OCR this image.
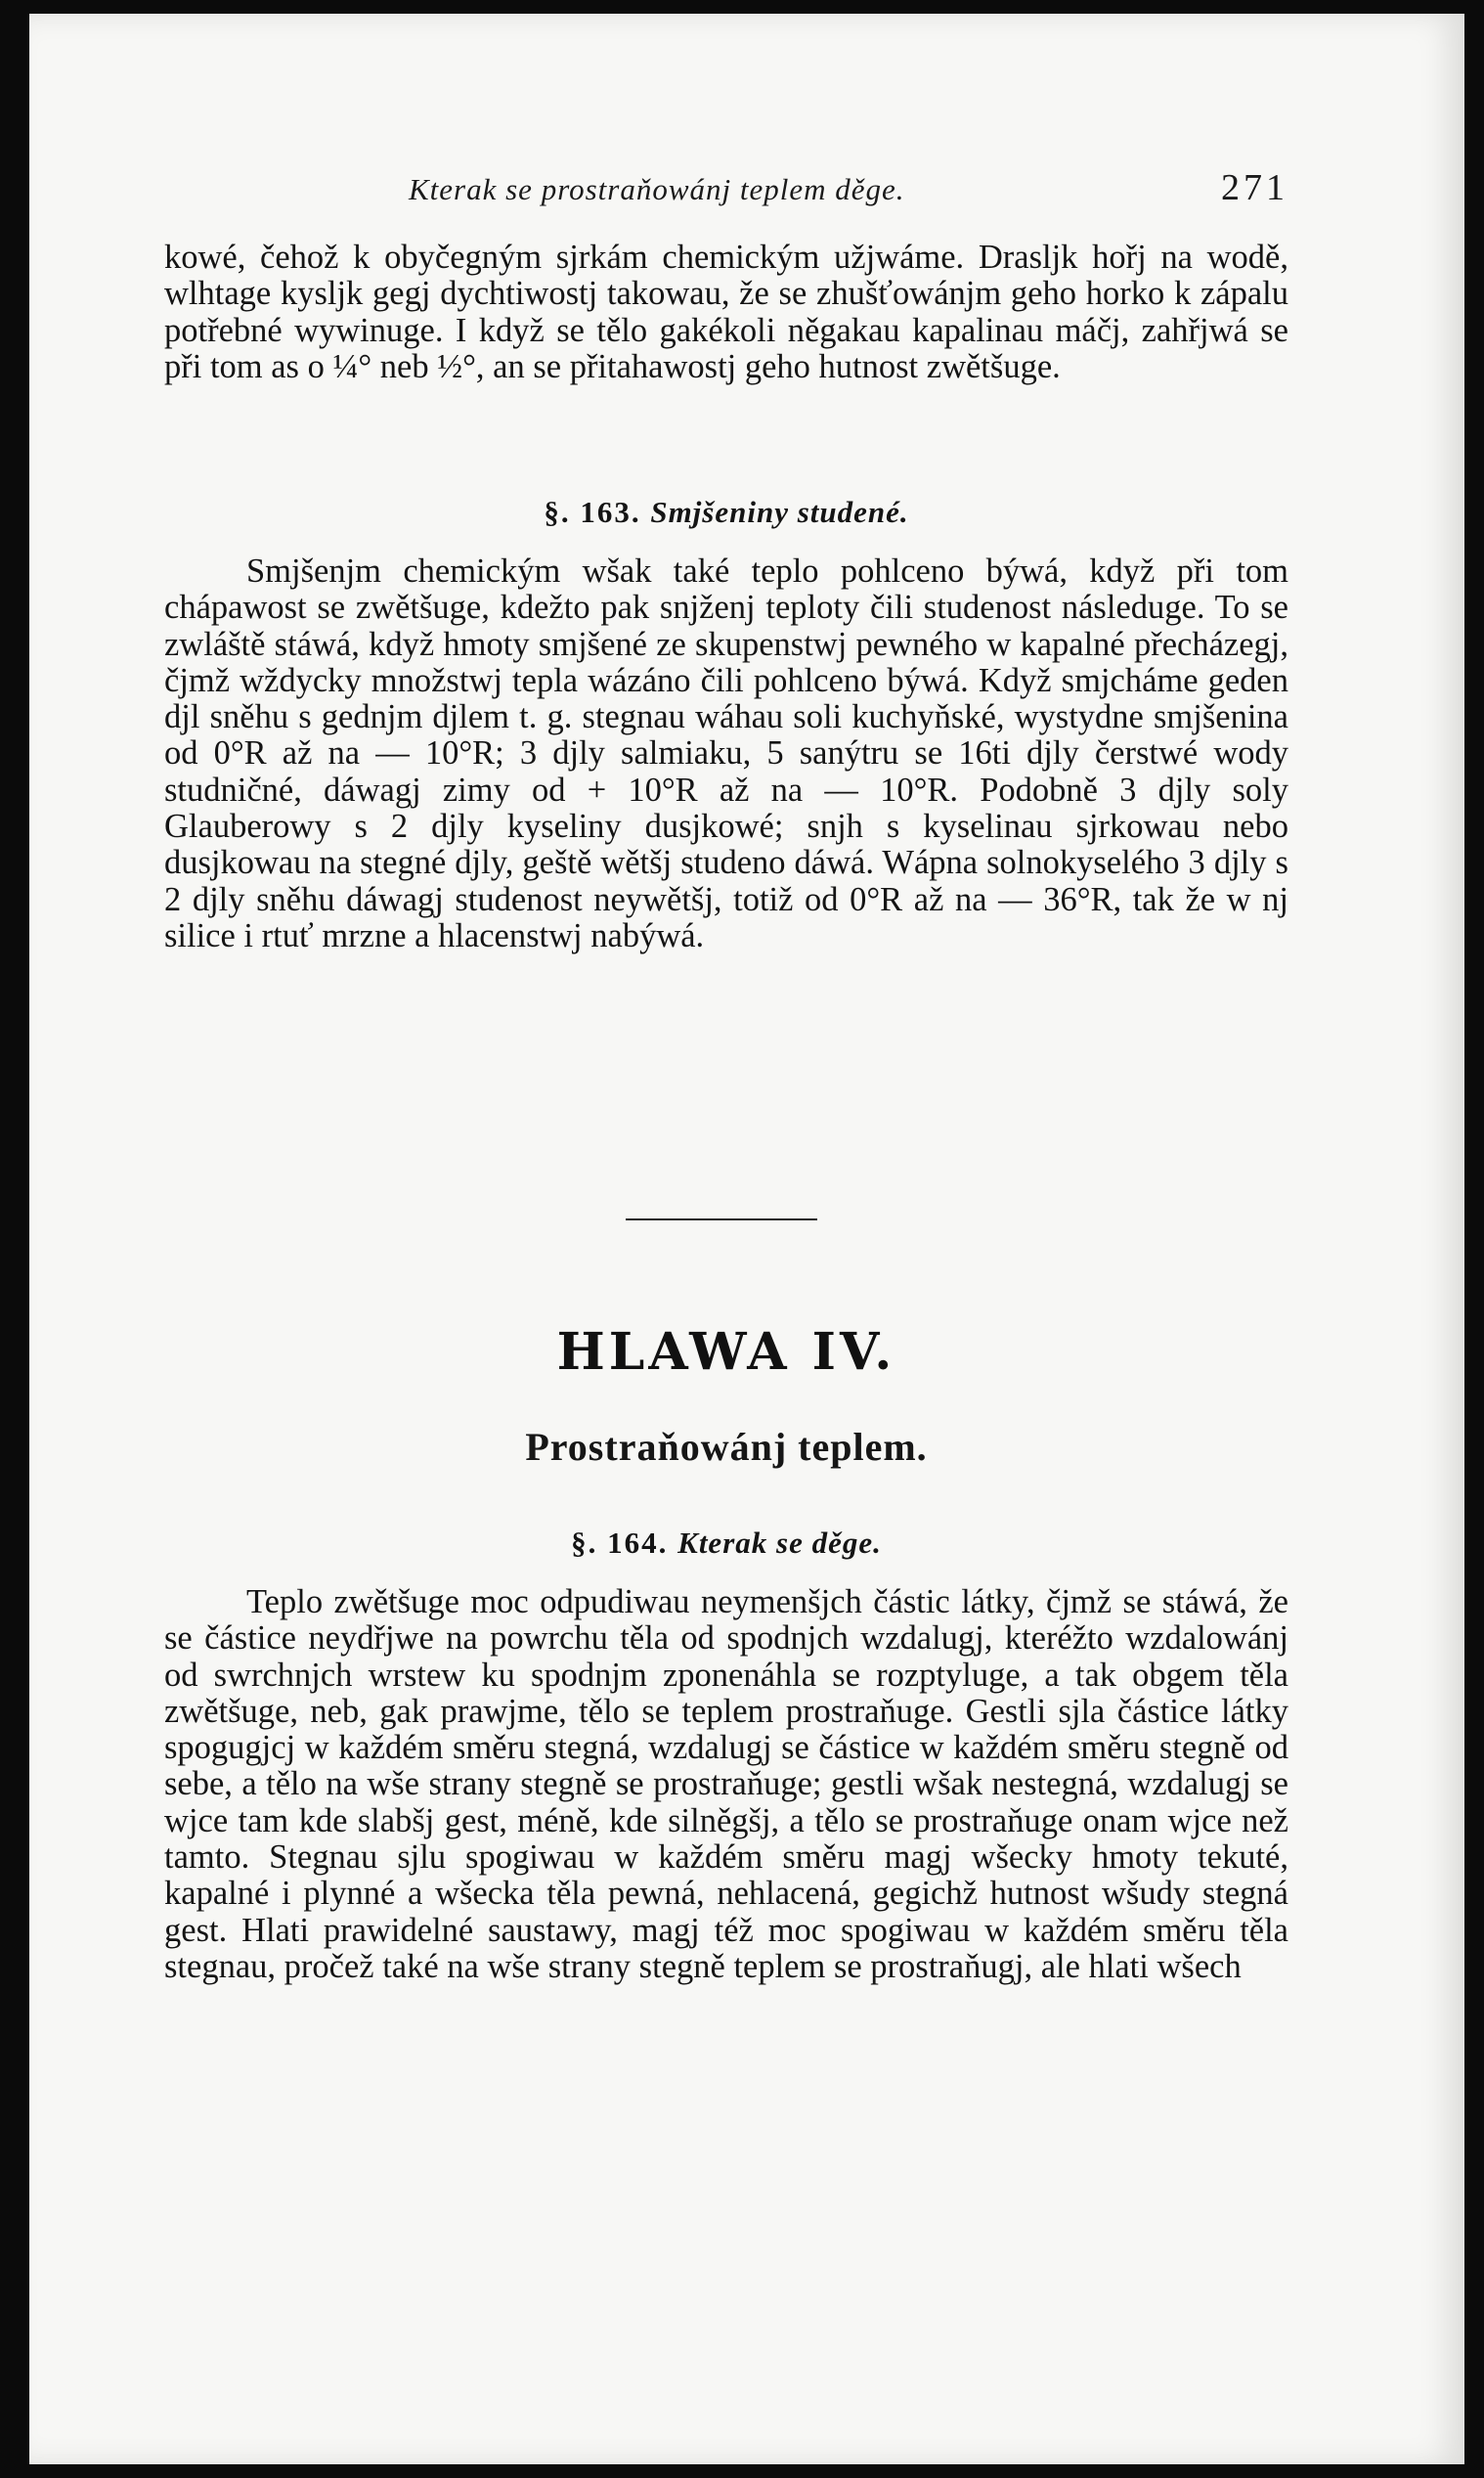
Kterak se prostraňowánj teplem děge.	271

kowé, čehož k obyčegným sjrkám chemickým užjwáme. Drasljk hořj na wodě, wlhtage kysljk gegj dychtiwostj takowau, že se zhušťowánjm geho horko k zápalu potřebné wywinuge. I když se tělo gakékoli něgakau kapalinau máčj, zahřjwá se při tom as o ¼° neb ½°, an se přitahawostj geho hutnost zwětšuge.

§. 163. Smjšeniny studené.

Smjšenjm chemickým wšak také teplo pohlceno býwá, když při tom chápawost se zwětšuge, kdežto pak snjženj teploty čili studenost následuge. To se zwláště stáwá, když hmoty smjšené ze skupenstwj pewného w kapalné přecházegj, čjmž wždycky množstwj tepla wázáno čili pohlceno býwá. Když smjcháme geden djl sněhu s gednjm djlem t. g. stegnau wáhau soli kuchyňské, wystydne smjšenina od 0°R až na — 10°R; 3 djly salmiaku, 5 sanýtru se 16ti djly čerstwé wody studničné, dáwagj zimy od + 10°R až na — 10°R. Podobně 3 djly soly Glauberowy s 2 djly kyseliny dusjkowé; snjh s kyselinau sjrkowau nebo dusjkowau na stegné djly, geště wětšj studeno dáwá. Wápna solnokyselého 3 djly s 2 djly sněhu dáwagj studenost neywětšj, totiž od 0°R až na — 36°R, tak že w nj silice i rtuť mrzne a hlacenstwj nabýwá.

HLAWA IV.
Prostraňowánj teplem.
§. 164. Kterak se děge.

Teplo zwětšuge moc odpudiwau neymenšjch částic látky, čjmž se stáwá, že se částice neydřjwe na powrchu těla od spodnjch wzdalugj, kteréžto wzdalowánj od swrchnjch wrstew ku spodnjm zponenáhla se rozptyluge, a tak obgem těla zwětšuge, neb, gak prawjme, tělo se teplem prostraňuge. Gestli sjla částice látky spogugjcj w každém směru stegná, wzdalugj se částice w každém směru stegně od sebe, a tělo na wše strany stegně se prostraňuge; gestli wšak nestegná, wzdalugj se wjce tam kde slabšj gest, méně, kde silněgšj, a tělo se prostraňuge onam wjce než tamto. Stegnau sjlu spogiwau w každém směru magj wšecky hmoty tekuté, kapalné i plynné a wšecka těla pewná, nehlacená, gegichž hutnost wšudy stegná gest. Hlati prawidelné saustawy, magj též moc spogiwau w každém směru těla stegnau, pročež také na wše strany stegně teplem se prostraňugj, ale hlati wšech
